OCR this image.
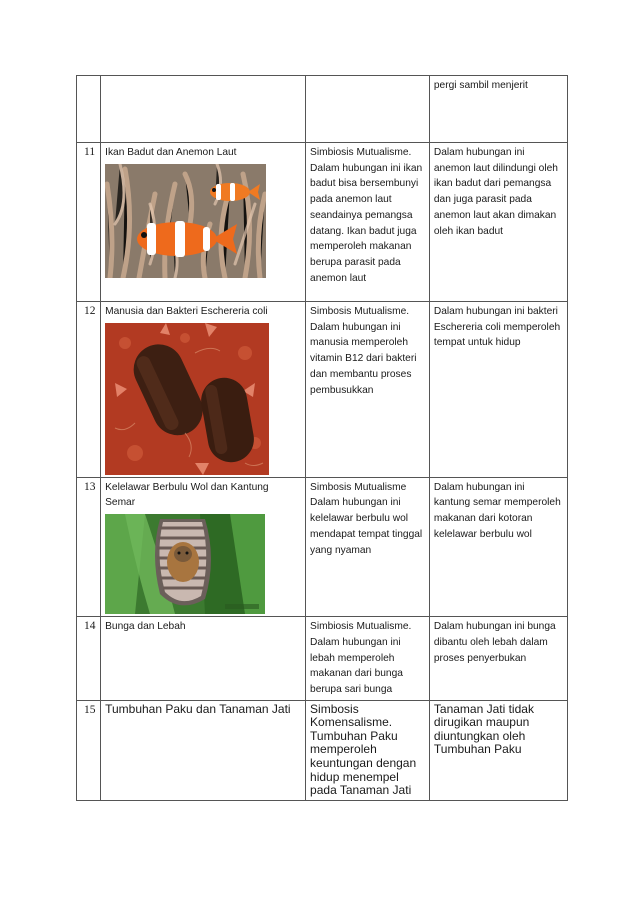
			pergi sambil menjerit
11	Ikan Badut dan Anemon Laut	Simbiosis Mutualisme. Dalam hubungan ini ikan badut bisa bersembunyi pada anemon laut seandainya pemangsa datang. Ikan badut juga memperoleh makanan berupa parasit pada anemon laut	Dalam hubungan ini anemon laut dilindungi oleh ikan badut dari pemangsa dan juga parasit pada anemon laut akan dimakan oleh ikan badut
12	Manusia dan Bakteri Eschereria coli	Simbosis Mutualisme. Dalam hubungan ini manusia memperoleh vitamin B12 dari bakteri dan membantu proses pembusukkan	Dalam hubungan ini bakteri Eschereria coli memperoleh tempat untuk hidup
13	Kelelawar Berbulu Wol dan Kantung Semar	Simbosis Mutualisme Dalam hubungan ini kelelawar berbulu wol mendapat tempat tinggal yang nyaman	Dalam hubungan ini kantung semar memperoleh makanan dari kotoran kelelawar berbulu wol
14	Bunga dan Lebah	Simbiosis Mutualisme. Dalam hubungan ini lebah memperoleh makanan dari bunga berupa sari bunga	Dalam hubungan ini bunga dibantu oleh lebah dalam proses penyerbukan
15	Tumbuhan Paku dan Tanaman Jati	Simbosis Komensalisme. Tumbuhan Paku memperoleh keuntungan dengan hidup menempel pada Tanaman Jati	Tanaman Jati tidak dirugikan maupun diuntungkan oleh Tumbuhan Paku
